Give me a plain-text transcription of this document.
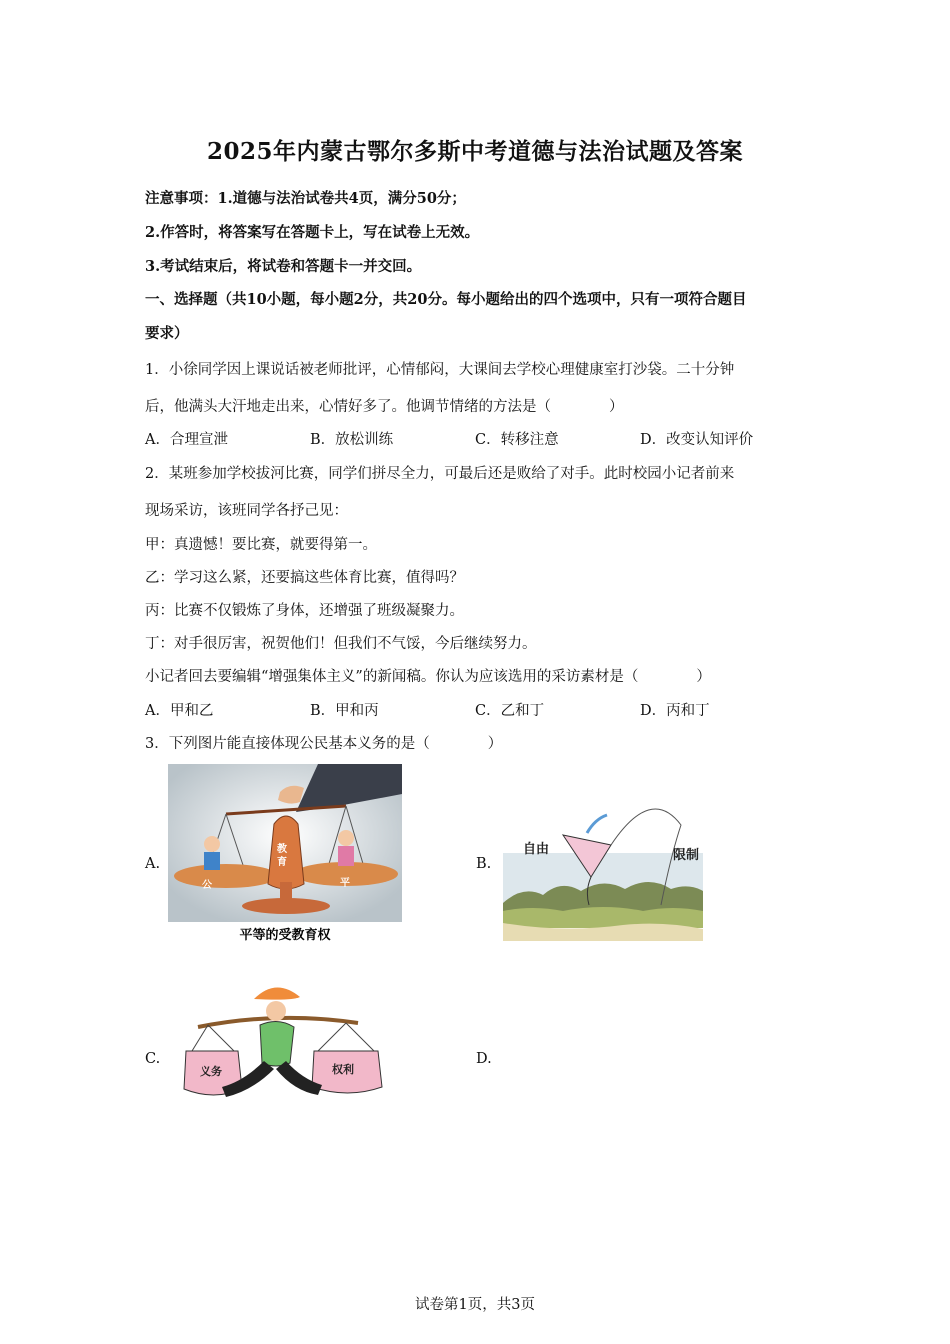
2025年内蒙古鄂尔多斯中考道德与法治试题及答案
注意事项：1.道德与法治试卷共4页，满分50分；
2.作答时，将答案写在答题卡上，写在试卷上无效。
3.考试结束后，将试卷和答题卡一并交回。
一、选择题（共10小题，每小题2分，共20分。每小题给出的四个选项中，只有一项符合题目
要求）
1．小徐同学因上课说话被老师批评，心情郁闷，大课间去学校心理健康室打沙袋。二十分钟
后，他满头大汗地走出来，心情好多了。他调节情绪的方法是（　　　　）
A．合理宣泄	B．放松训练	C．转移注意	D．改变认知评价
2．某班参加学校拔河比赛，同学们拼尽全力，可最后还是败给了对手。此时校园小记者前来
现场采访，该班同学各抒己见：
甲：真遗憾！要比赛，就要得第一。
乙：学习这么紧，还要搞这些体育比赛，值得吗？
丙：比赛不仅锻炼了身体，还增强了班级凝聚力。
丁：对手很厉害，祝贺他们！但我们不气馁，今后继续努力。
小记者回去要编辑“增强集体主义”的新闻稿。你认为应该选用的采访素材是（　　　　）
A．甲和乙	B．甲和丙	C．乙和丁	D．丙和丁
3．下列图片能直接体现公民基本义务的是（　　　　）
A.	B.
C.	D.
教
育
公	平
平等的受教育权
自由	限制
义务	权利
试卷第1页，共3页
